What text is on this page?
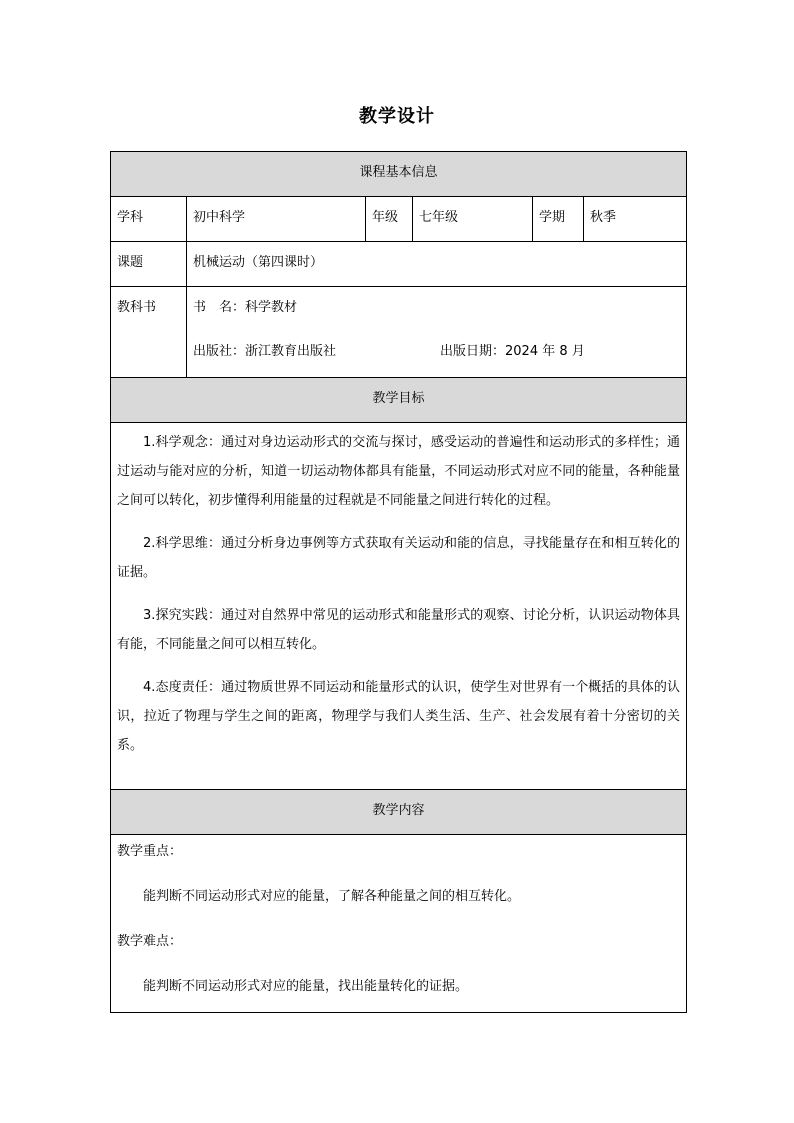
教学设计
课程基本信息
学科	初中科学	年级	七年级	学期	秋季
课题	机械运动（第四课时）
教科书	书　名：科学教材
出版社：浙江教育出版社	出版日期：2024 年 8 月
教学目标

1.科学观念：通过对身边运动形式的交流与探讨，感受运动的普遍性和运动形式的多样性；通过运动与能对应的分析，知道一切运动物体都具有能量，不同运动形式对应不同的能量，各种能量之间可以转化，初步懂得利用能量的过程就是不同能量之间进行转化的过程。

2.科学思维：通过分析身边事例等方式获取有关运动和能的信息，寻找能量存在和相互转化的证据。

3.探究实践：通过对自然界中常见的运动形式和能量形式的观察、讨论分析，认识运动物体具有能，不同能量之间可以相互转化。

4.态度责任：通过物质世界不同运动和能量形式的认识，使学生对世界有一个概括的具体的认识，拉近了物理与学生之间的距离，物理学与我们人类生活、生产、社会发展有着十分密切的关系。

教学内容

教学重点：

能判断不同运动形式对应的能量，了解各种能量之间的相互转化。

教学难点：

能判断不同运动形式对应的能量，找出能量转化的证据。
